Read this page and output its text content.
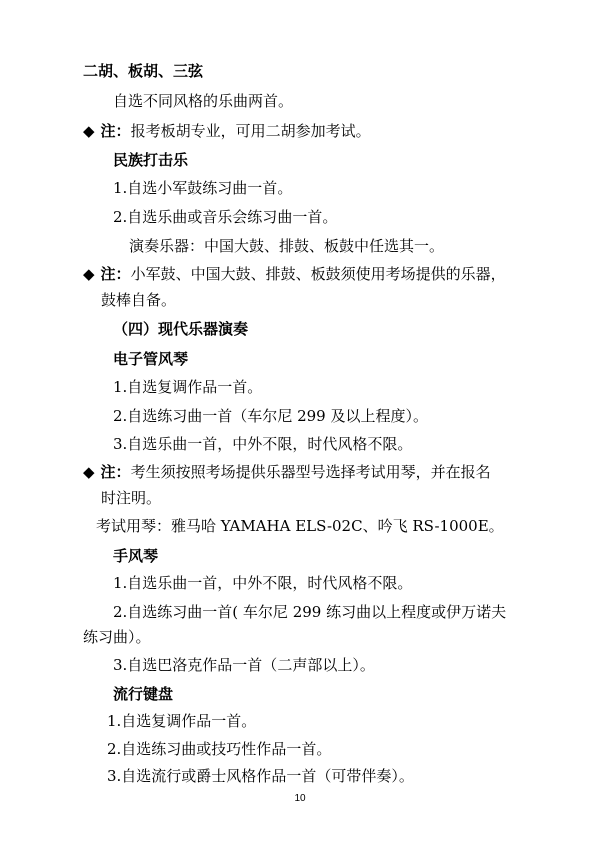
二胡、板胡、三弦
自选不同风格的乐曲两首。
◆ 注：报考板胡专业，可用二胡参加考试。
民族打击乐
1.自选小军鼓练习曲一首。
2.自选乐曲或音乐会练习曲一首。
演奏乐器：中国大鼓、排鼓、板鼓中任选其一。
◆ 注：小军鼓、中国大鼓、排鼓、板鼓须使用考场提供的乐器，
鼓棒自备。
（四）现代乐器演奏
电子管风琴
1.自选复调作品一首。
2.自选练习曲一首（车尔尼 299 及以上程度）。
3.自选乐曲一首，中外不限，时代风格不限。
◆ 注：考生须按照考场提供乐器型号选择考试用琴，并在报名
时注明。
考试用琴：雅马哈 YAMAHA ELS-02C、吟飞 RS-1000E。
手风琴
1.自选乐曲一首，中外不限，时代风格不限。
2.自选练习曲一首( 车尔尼 299 练习曲以上程度或伊万诺夫
练习曲）。
3.自选巴洛克作品一首（二声部以上）。
流行键盘
1.自选复调作品一首。
2.自选练习曲或技巧性作品一首。
3.自选流行或爵士风格作品一首（可带伴奏）。
10
